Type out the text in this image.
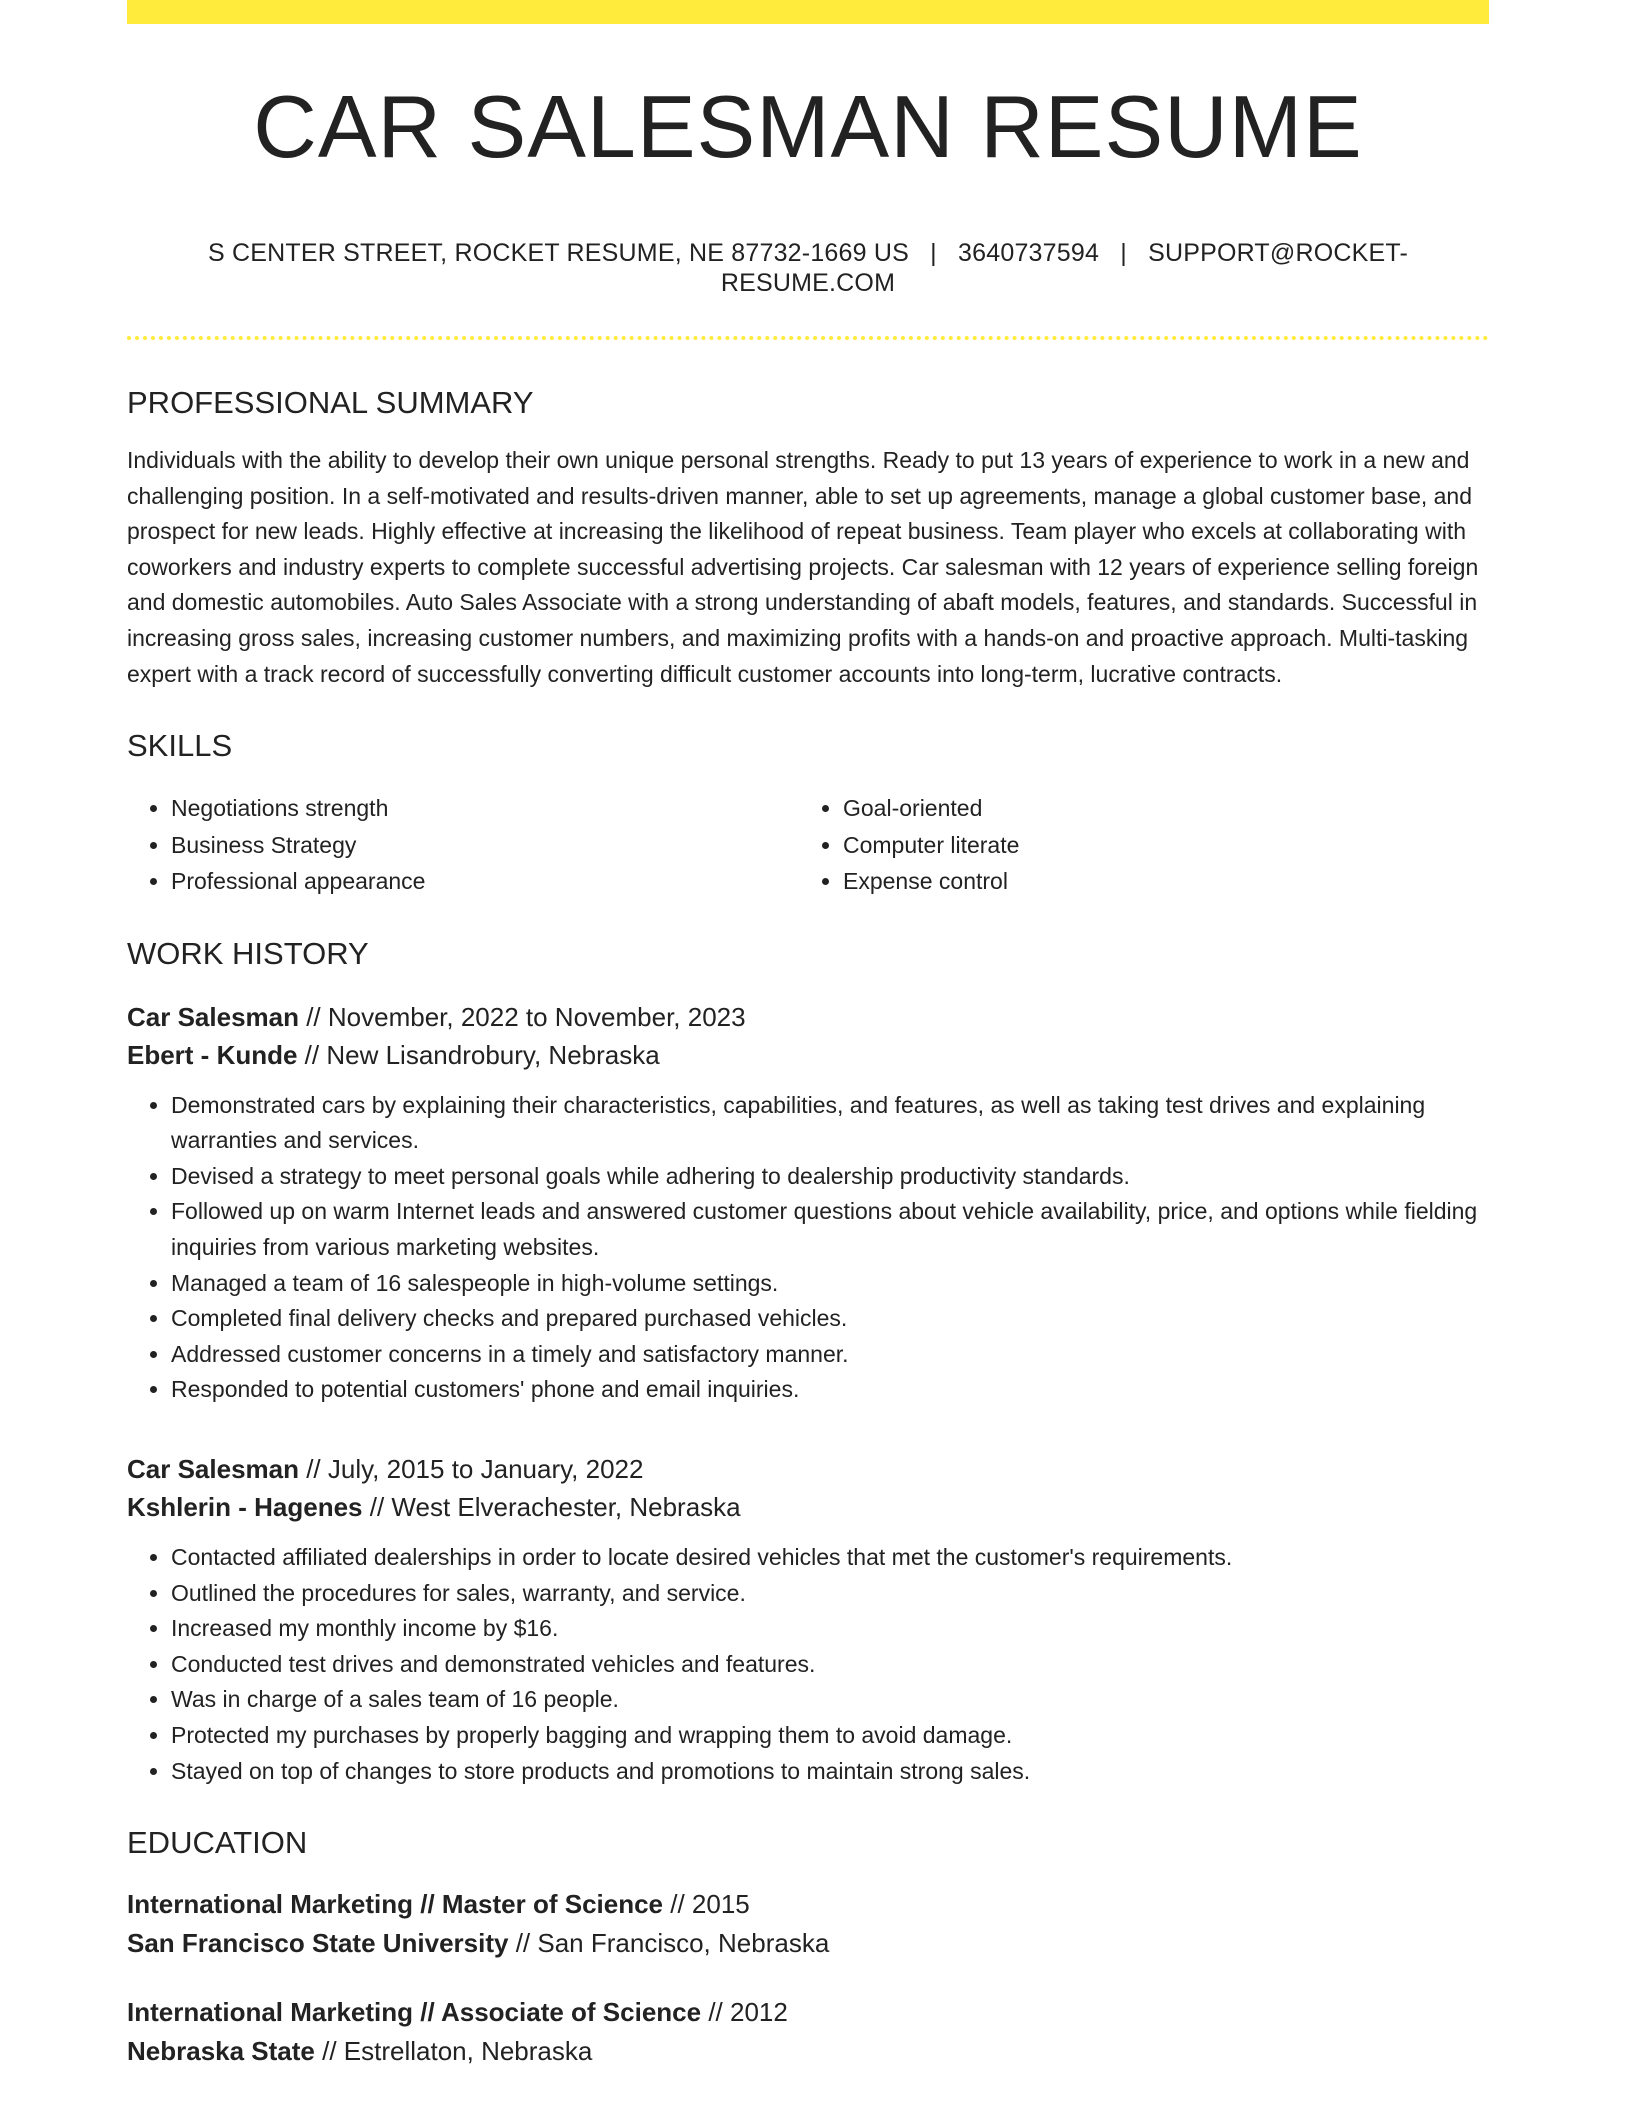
CAR SALESMAN RESUME
S CENTER STREET, ROCKET RESUME, NE 87732-1669 US | 3640737594 | SUPPORT@ROCKET-RESUME.COM
PROFESSIONAL SUMMARY

Individuals with the ability to develop their own unique personal strengths. Ready to put 13 years of experience to work in a new and challenging position. In a self-motivated and results-driven manner, able to set up agreements, manage a global customer base, and prospect for new leads. Highly effective at increasing the likelihood of repeat business. Team player who excels at collaborating with coworkers and industry experts to complete successful advertising projects. Car salesman with 12 years of experience selling foreign and domestic automobiles. Auto Sales Associate with a strong understanding of abaft models, features, and standards. Successful in increasing gross sales, increasing customer numbers, and maximizing profits with a hands-on and proactive approach. Multi-tasking expert with a track record of successfully converting difficult customer accounts into long-term, lucrative contracts.

SKILLS
• Negotiations strength
• Business Strategy
• Professional appearance
• Goal-oriented
• Computer literate
• Expense control
WORK HISTORY
Car Salesman // November, 2022 to November, 2023
Ebert - Kunde // New Lisandrobury, Nebraska
• Demonstrated cars by explaining their characteristics, capabilities, and features, as well as taking test drives and explaining warranties and services.
• Devised a strategy to meet personal goals while adhering to dealership productivity standards.
• Followed up on warm Internet leads and answered customer questions about vehicle availability, price, and options while fielding inquiries from various marketing websites.
• Managed a team of 16 salespeople in high-volume settings.
• Completed final delivery checks and prepared purchased vehicles.
• Addressed customer concerns in a timely and satisfactory manner.
• Responded to potential customers' phone and email inquiries.
Car Salesman // July, 2015 to January, 2022
Kshlerin - Hagenes // West Elverachester, Nebraska
• Contacted affiliated dealerships in order to locate desired vehicles that met the customer's requirements.
• Outlined the procedures for sales, warranty, and service.
• Increased my monthly income by $16.
• Conducted test drives and demonstrated vehicles and features.
• Was in charge of a sales team of 16 people.
• Protected my purchases by properly bagging and wrapping them to avoid damage.
• Stayed on top of changes to store products and promotions to maintain strong sales.
EDUCATION
International Marketing // Master of Science // 2015
San Francisco State University // San Francisco, Nebraska
International Marketing // Associate of Science // 2012
Nebraska State // Estrellaton, Nebraska
